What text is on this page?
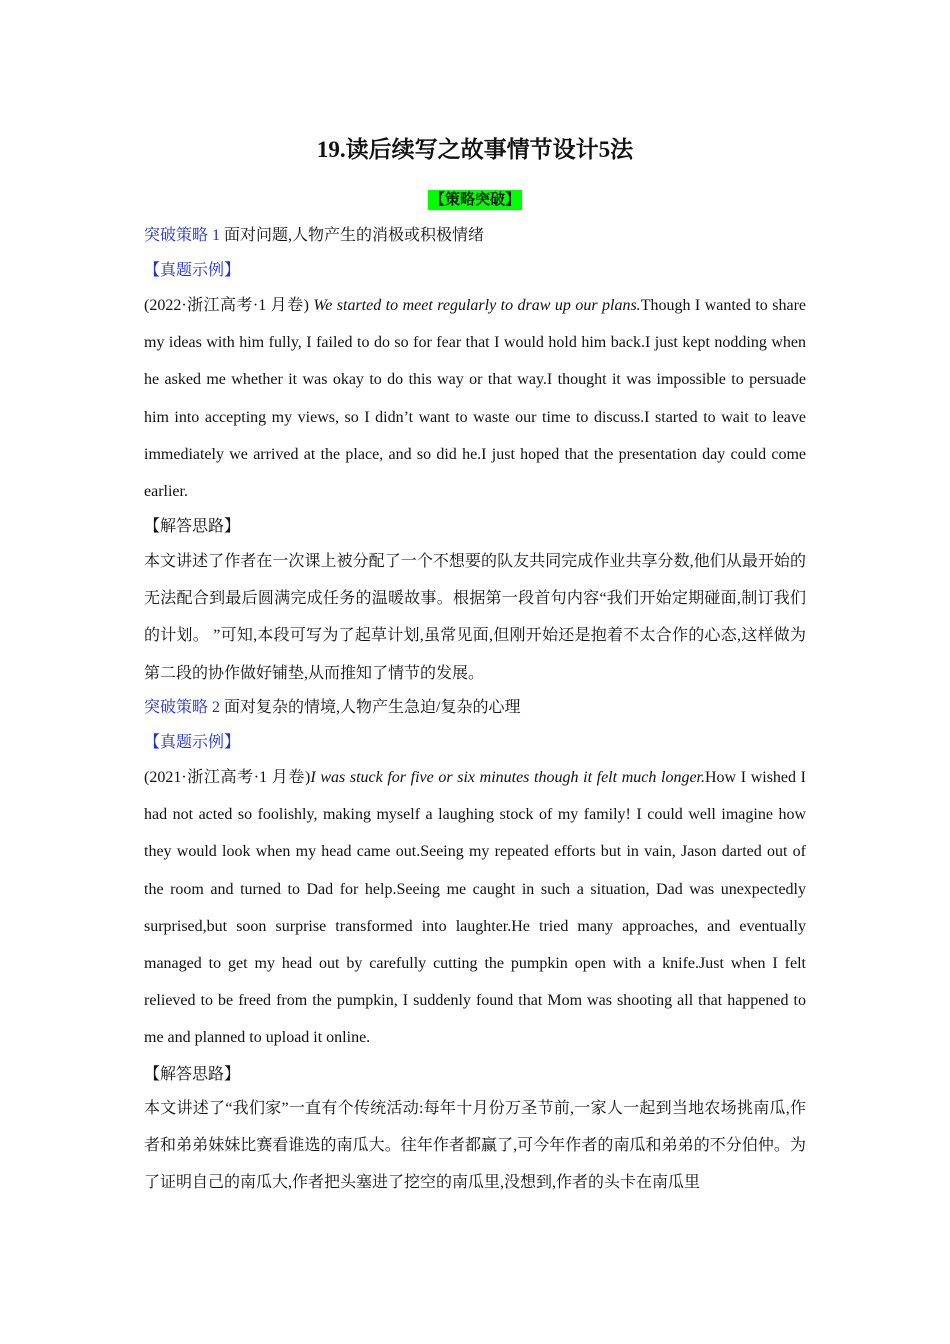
19.读后续写之故事情节设计5法
【策略突破】
突破策略 1 面对问题,人物产生的消极或积极情绪
【真题示例】
(2022·浙江高考·1 月卷) We started to meet regularly to draw up our plans.Though I wanted to share my ideas with him fully, I failed to do so for fear that I would hold him back.I just kept nodding when he asked me whether it was okay to do this way or that way.I thought it was impossible to persuade him into accepting my views, so I didn’t want to waste our time to discuss.I started to wait to leave immediately we arrived at the place, and so did he.I just hoped that the presentation day could come earlier.
【解答思路】
本文讲述了作者在一次课上被分配了一个不想要的队友共同完成作业共享分数,他们从最开始的无法配合到最后圆满完成任务的温暖故事。根据第一段首句内容“我们开始定期碰面,制订我们的计划。 ”可知,本段可写为了起草计划,虽常见面,但刚开始还是抱着不太合作的心态,这样做为第二段的协作做好铺垫,从而推知了情节的发展。
突破策略 2 面对复杂的情境,人物产生急迫/复杂的心理
【真题示例】
(2021·浙江高考·1 月卷)I was stuck for five or six minutes though it felt much longer.How I wished I had not acted so foolishly, making myself a laughing stock of my family! I could well imagine how they would look when my head came out.Seeing my repeated efforts but in vain, Jason darted out of the room and turned to Dad for help.Seeing me caught in such a situation, Dad was unexpectedly surprised,but soon surprise transformed into laughter.He tried many approaches, and eventually managed to get my head out by carefully cutting the pumpkin open with a knife.Just when I felt relieved to be freed from the pumpkin, I suddenly found that Mom was shooting all that happened to me and planned to upload it online.
【解答思路】
本文讲述了“我们家”一直有个传统活动:每年十月份万圣节前,一家人一起到当地农场挑南瓜,作者和弟弟妹妹比赛看谁选的南瓜大。往年作者都赢了,可今年作者的南瓜和弟弟的不分伯仲。为了证明自己的南瓜大,作者把头塞进了挖空的南瓜里,没想到,作者的头卡在南瓜里
